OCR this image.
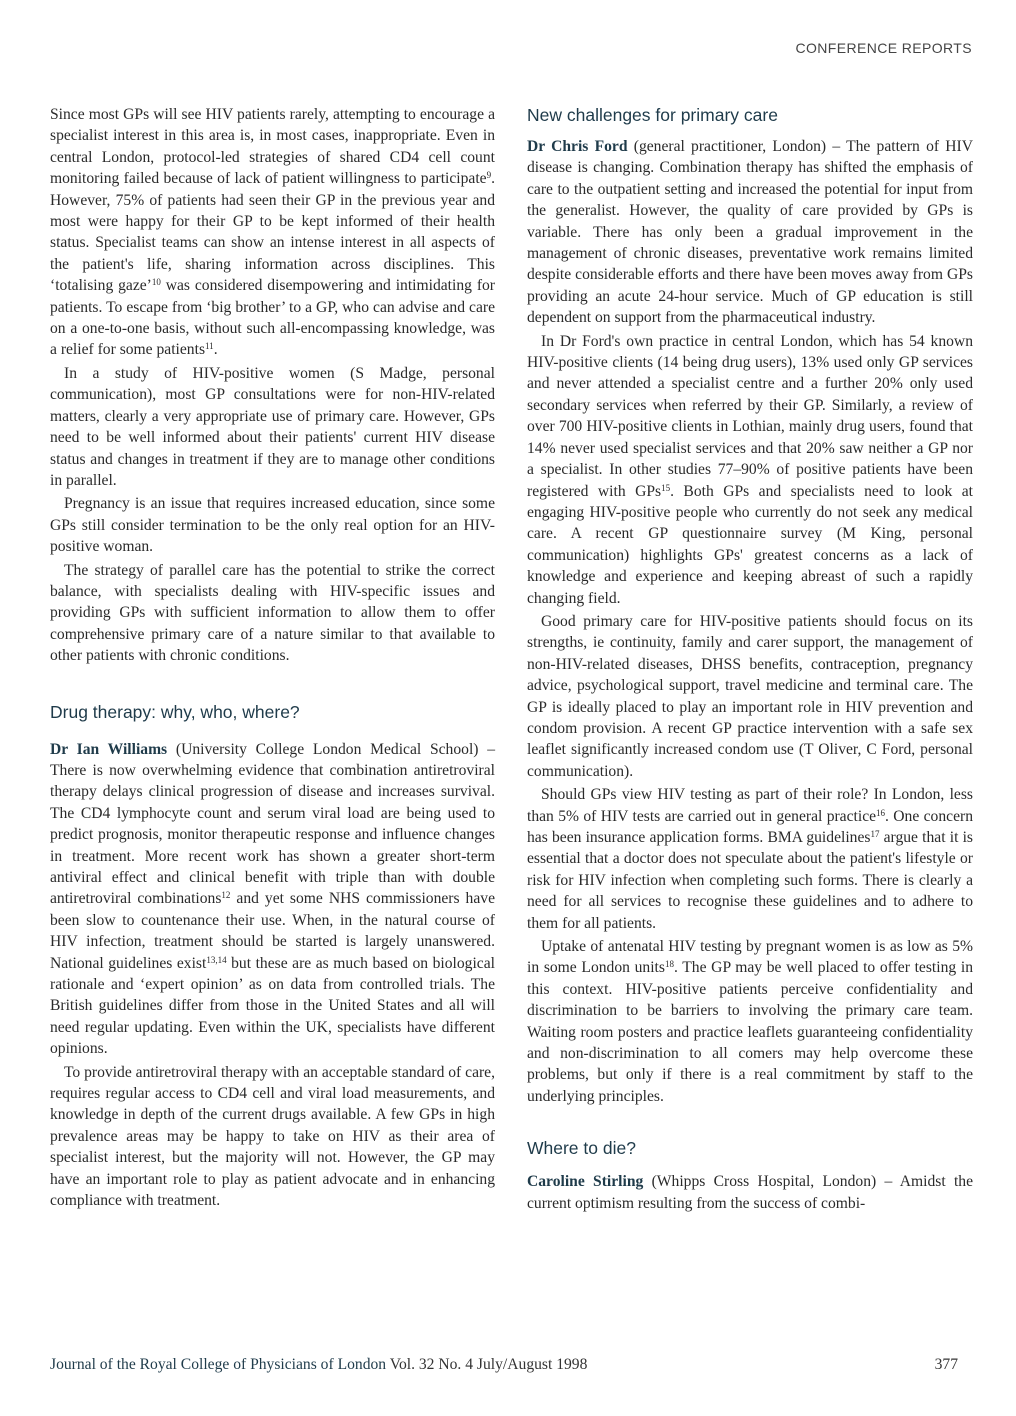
CONFERENCE REPORTS

Since most GPs will see HIV patients rarely, attempting to encourage a specialist interest in this area is, in most cases, inappropriate. Even in central London, protocol-led strategies of shared CD4 cell count monitoring failed because of lack of patient willingness to participate$^9$. However, 75% of patients had seen their GP in the previous year and most were happy for their GP to be kept informed of their health status. Specialist teams can show an intense interest in all aspects of the patient's life, sharing information across disciplines. This ‘totalising gaze’$^{10}$ was considered disempowering and intimidating for patients. To escape from ‘big brother’ to a GP, who can advise and care on a one-to-one basis, without such all-encompassing knowledge, was a relief for some patients$^{11}$.

In a study of HIV-positive women (S Madge, personal communication), most GP consultations were for non-HIV-related matters, clearly a very appropriate use of primary care. However, GPs need to be well informed about their patients' current HIV disease status and changes in treatment if they are to manage other conditions in parallel.

Pregnancy is an issue that requires increased education, since some GPs still consider termination to be the only real option for an HIV-positive woman.

The strategy of parallel care has the potential to strike the correct balance, with specialists dealing with HIV-specific issues and providing GPs with sufficient information to allow them to offer comprehensive primary care of a nature similar to that available to other patients with chronic conditions.

Drug therapy: why, who, where?

Dr Ian Williams (University College London Medical School) – There is now overwhelming evidence that combination antiretroviral therapy delays clinical progression of disease and increases survival. The CD4 lymphocyte count and serum viral load are being used to predict prognosis, monitor therapeutic response and influence changes in treatment. More recent work has shown a greater short-term antiviral effect and clinical benefit with triple than with double antiretroviral combinations$^{12}$ and yet some NHS commissioners have been slow to countenance their use. When, in the natural course of HIV infection, treatment should be started is largely unanswered. National guidelines exist$^{13,14}$ but these are as much based on biological rationale and ‘expert opinion’ as on data from controlled trials. The British guidelines differ from those in the United States and all will need regular updating. Even within the UK, specialists have different opinions.

To provide antiretroviral therapy with an acceptable standard of care, requires regular access to CD4 cell and viral load measurements, and knowledge in depth of the current drugs available. A few GPs in high prevalence areas may be happy to take on HIV as their area of specialist interest, but the majority will not. However, the GP may have an important role to play as patient advocate and in enhancing compliance with treatment.

New challenges for primary care

Dr Chris Ford (general practitioner, London) – The pattern of HIV disease is changing. Combination therapy has shifted the emphasis of care to the outpatient setting and increased the potential for input from the generalist. However, the quality of care provided by GPs is variable. There has only been a gradual improvement in the management of chronic diseases, preventative work remains limited despite considerable efforts and there have been moves away from GPs providing an acute 24-hour service. Much of GP education is still dependent on support from the pharmaceutical industry.

In Dr Ford's own practice in central London, which has 54 known HIV-positive clients (14 being drug users), 13% used only GP services and never attended a specialist centre and a further 20% only used secondary services when referred by their GP. Similarly, a review of over 700 HIV-positive clients in Lothian, mainly drug users, found that 14% never used specialist services and that 20% saw neither a GP nor a specialist. In other studies 77–90% of positive patients have been registered with GPs$^{15}$. Both GPs and specialists need to look at engaging HIV-positive people who currently do not seek any medical care. A recent GP questionnaire survey (M King, personal communication) highlights GPs' greatest concerns as a lack of knowledge and experience and keeping abreast of such a rapidly changing field.

Good primary care for HIV-positive patients should focus on its strengths, ie continuity, family and carer support, the management of non-HIV-related diseases, DHSS benefits, contraception, pregnancy advice, psychological support, travel medicine and terminal care. The GP is ideally placed to play an important role in HIV prevention and condom provision. A recent GP practice intervention with a safe sex leaflet significantly increased condom use (T Oliver, C Ford, personal communication).

Should GPs view HIV testing as part of their role? In London, less than 5% of HIV tests are carried out in general practice$^{16}$. One concern has been insurance application forms. BMA guidelines$^{17}$ argue that it is essential that a doctor does not speculate about the patient's lifestyle or risk for HIV infection when completing such forms. There is clearly a need for all services to recognise these guidelines and to adhere to them for all patients.

Uptake of antenatal HIV testing by pregnant women is as low as 5% in some London units$^{18}$. The GP may be well placed to offer testing in this context. HIV-positive patients perceive confidentiality and discrimination to be barriers to involving the primary care team. Waiting room posters and practice leaflets guaranteeing confidentiality and non-discrimination to all comers may help overcome these problems, but only if there is a real commitment by staff to the underlying principles.

Where to die?

Caroline Stirling (Whipps Cross Hospital, London) – Amidst the current optimism resulting from the success of combi-

Journal of the Royal College of Physicians of London Vol. 32 No. 4 July/August 1998	377
